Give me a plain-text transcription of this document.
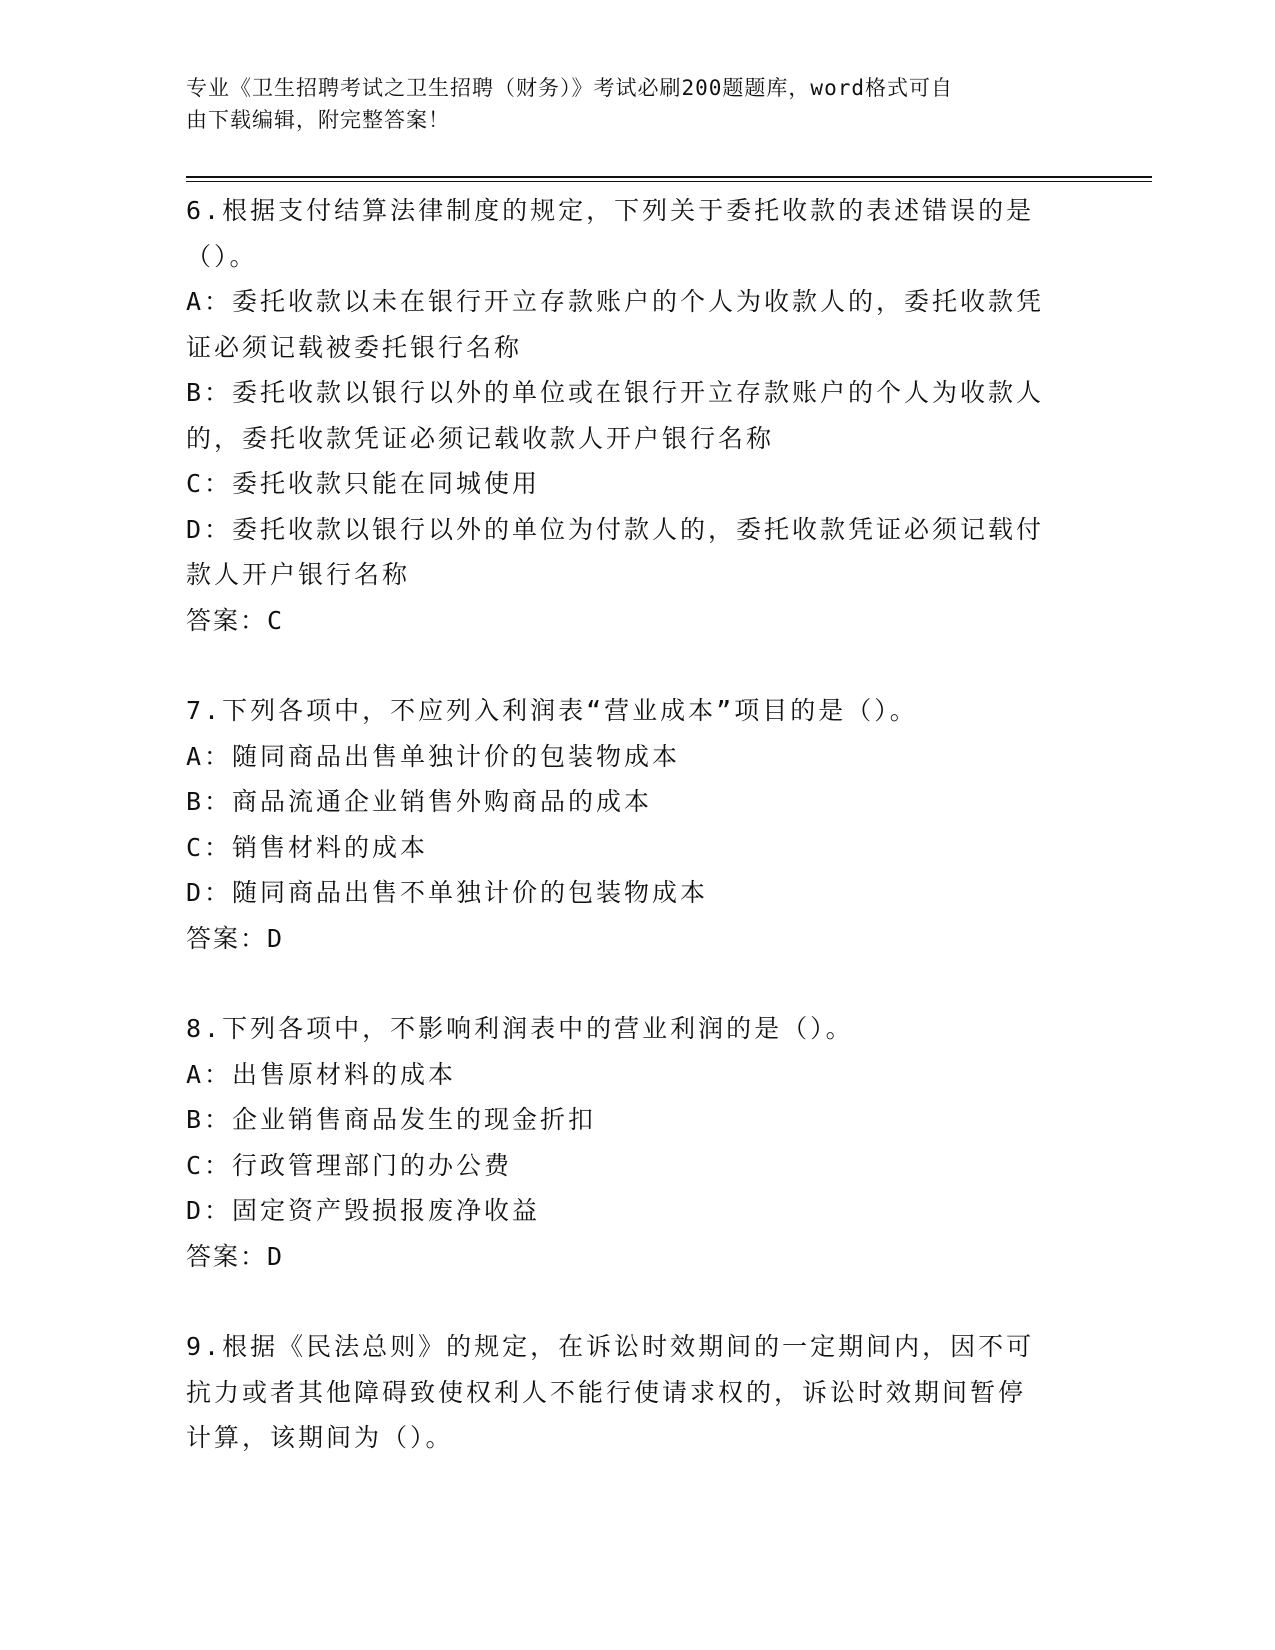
专业《卫生招聘考试之卫生招聘（财务）》考试必刷200题题库，word格式可自
由下载编辑，附完整答案！
6.根据支付结算法律制度的规定，下列关于委托收款的表述错误的是
（）。
A：委托收款以未在银行开立存款账户的个人为收款人的，委托收款凭
证必须记载被委托银行名称
B：委托收款以银行以外的单位或在银行开立存款账户的个人为收款人
的，委托收款凭证必须记载收款人开户银行名称
C：委托收款只能在同城使用
D：委托收款以银行以外的单位为付款人的，委托收款凭证必须记载付
款人开户银行名称
答案：C
7.下列各项中，不应列入利润表“营业成本”项目的是（）。
A：随同商品出售单独计价的包装物成本
B：商品流通企业销售外购商品的成本
C：销售材料的成本
D：随同商品出售不单独计价的包装物成本
答案：D
8.下列各项中，不影响利润表中的营业利润的是（）。
A：出售原材料的成本
B：企业销售商品发生的现金折扣
C：行政管理部门的办公费
D：固定资产毁损报废净收益
答案：D
9.根据《民法总则》的规定，在诉讼时效期间的一定期间内，因不可
抗力或者其他障碍致使权利人不能行使请求权的，诉讼时效期间暂停
计算，该期间为（）。
